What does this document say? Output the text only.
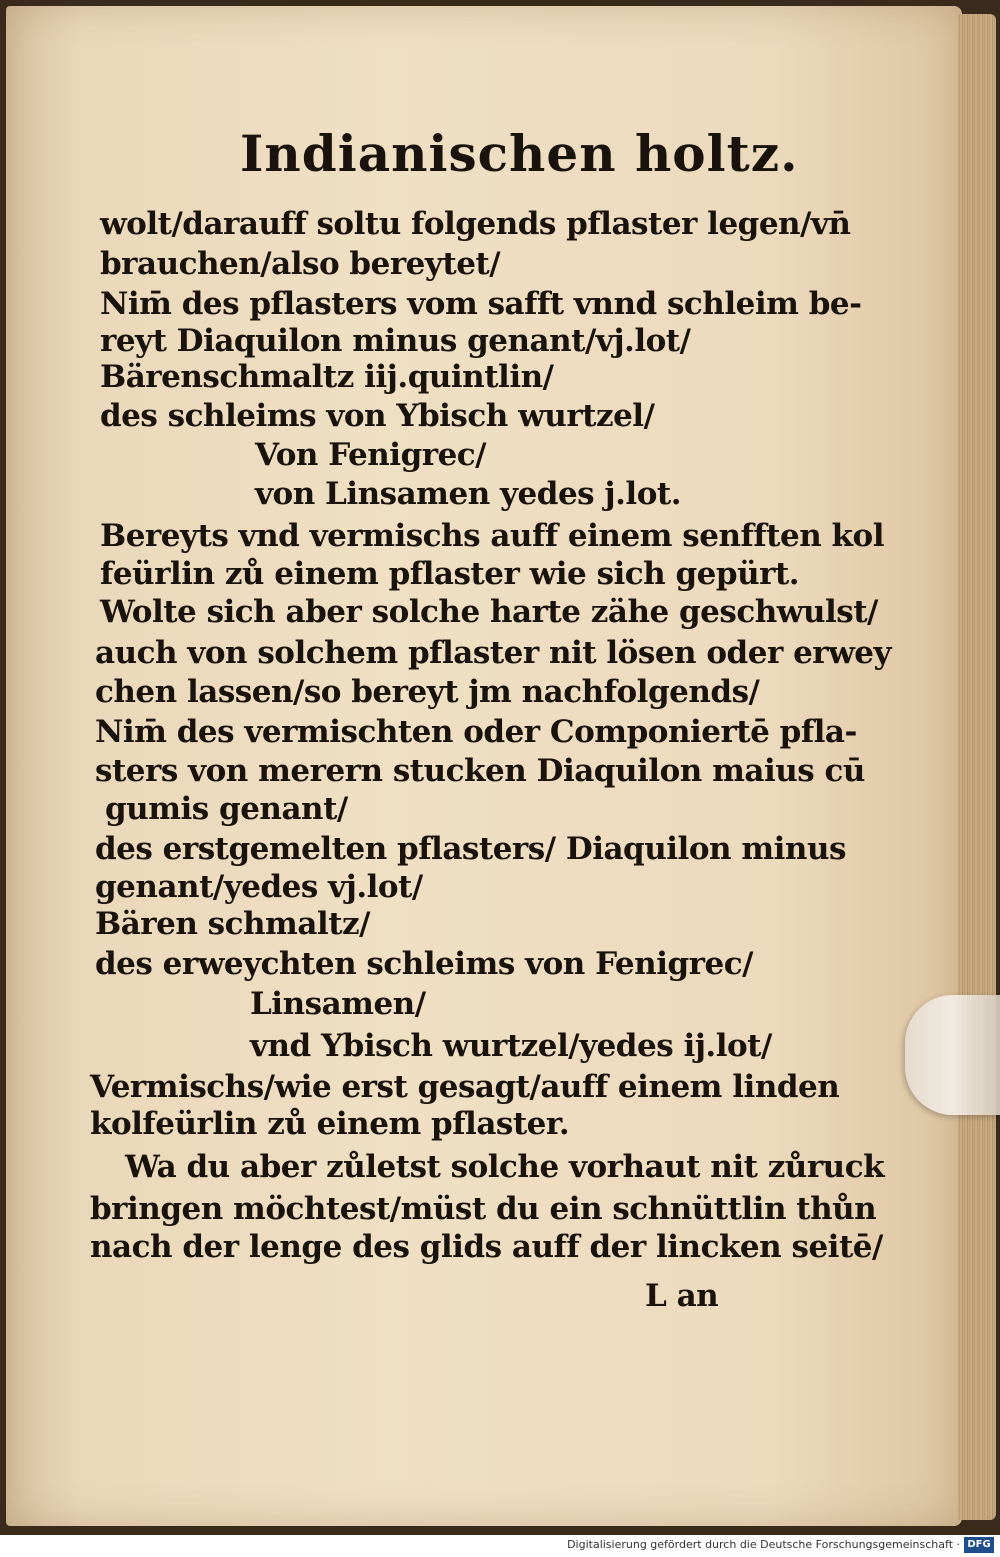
Indianischen holtz.
wolt/darauff soltu folgends pflaster legen/vn̄
brauchen/also bereytet/
Nim̄ des pflasters vom safft vnnd schleim be-
reyt Diaquilon minus genant/vj.lot/
Bärenschmaltz iij.quintlin/
des schleims von Ybisch wurtzel/
Von Fenigrec/
von Linsamen yedes j.lot.
Bereyts vnd vermischs auff einem senfften kol
feürlin zů einem pflaster wie sich gepürt.
Wolte sich aber solche harte zähe geschwulst/
auch von solchem pflaster nit lösen oder erwey
chen lassen/so bereyt jm nachfolgends/
Nim̄ des vermischten oder Componiertē pfla-
sters von merern stucken Diaquilon maius cū
gumis genant/
des erstgemelten pflasters/ Diaquilon minus
genant/yedes vj.lot/
Bären schmaltz/
des erweychten schleims von Fenigrec/
Linsamen/
vnd Ybisch wurtzel/yedes ij.lot/
Vermischs/wie erst gesagt/auff einem linden
kolfeürlin zů einem pflaster.
Wa du aber zůletst solche vorhaut nit zůruck
bringen möchtest/müst du ein schnüttlin thůn
nach der lenge des glids auff der lincken seitē/
L an
Digitalisierung gefördert durch die Deutsche Forschungsgemeinschaft · DFG
